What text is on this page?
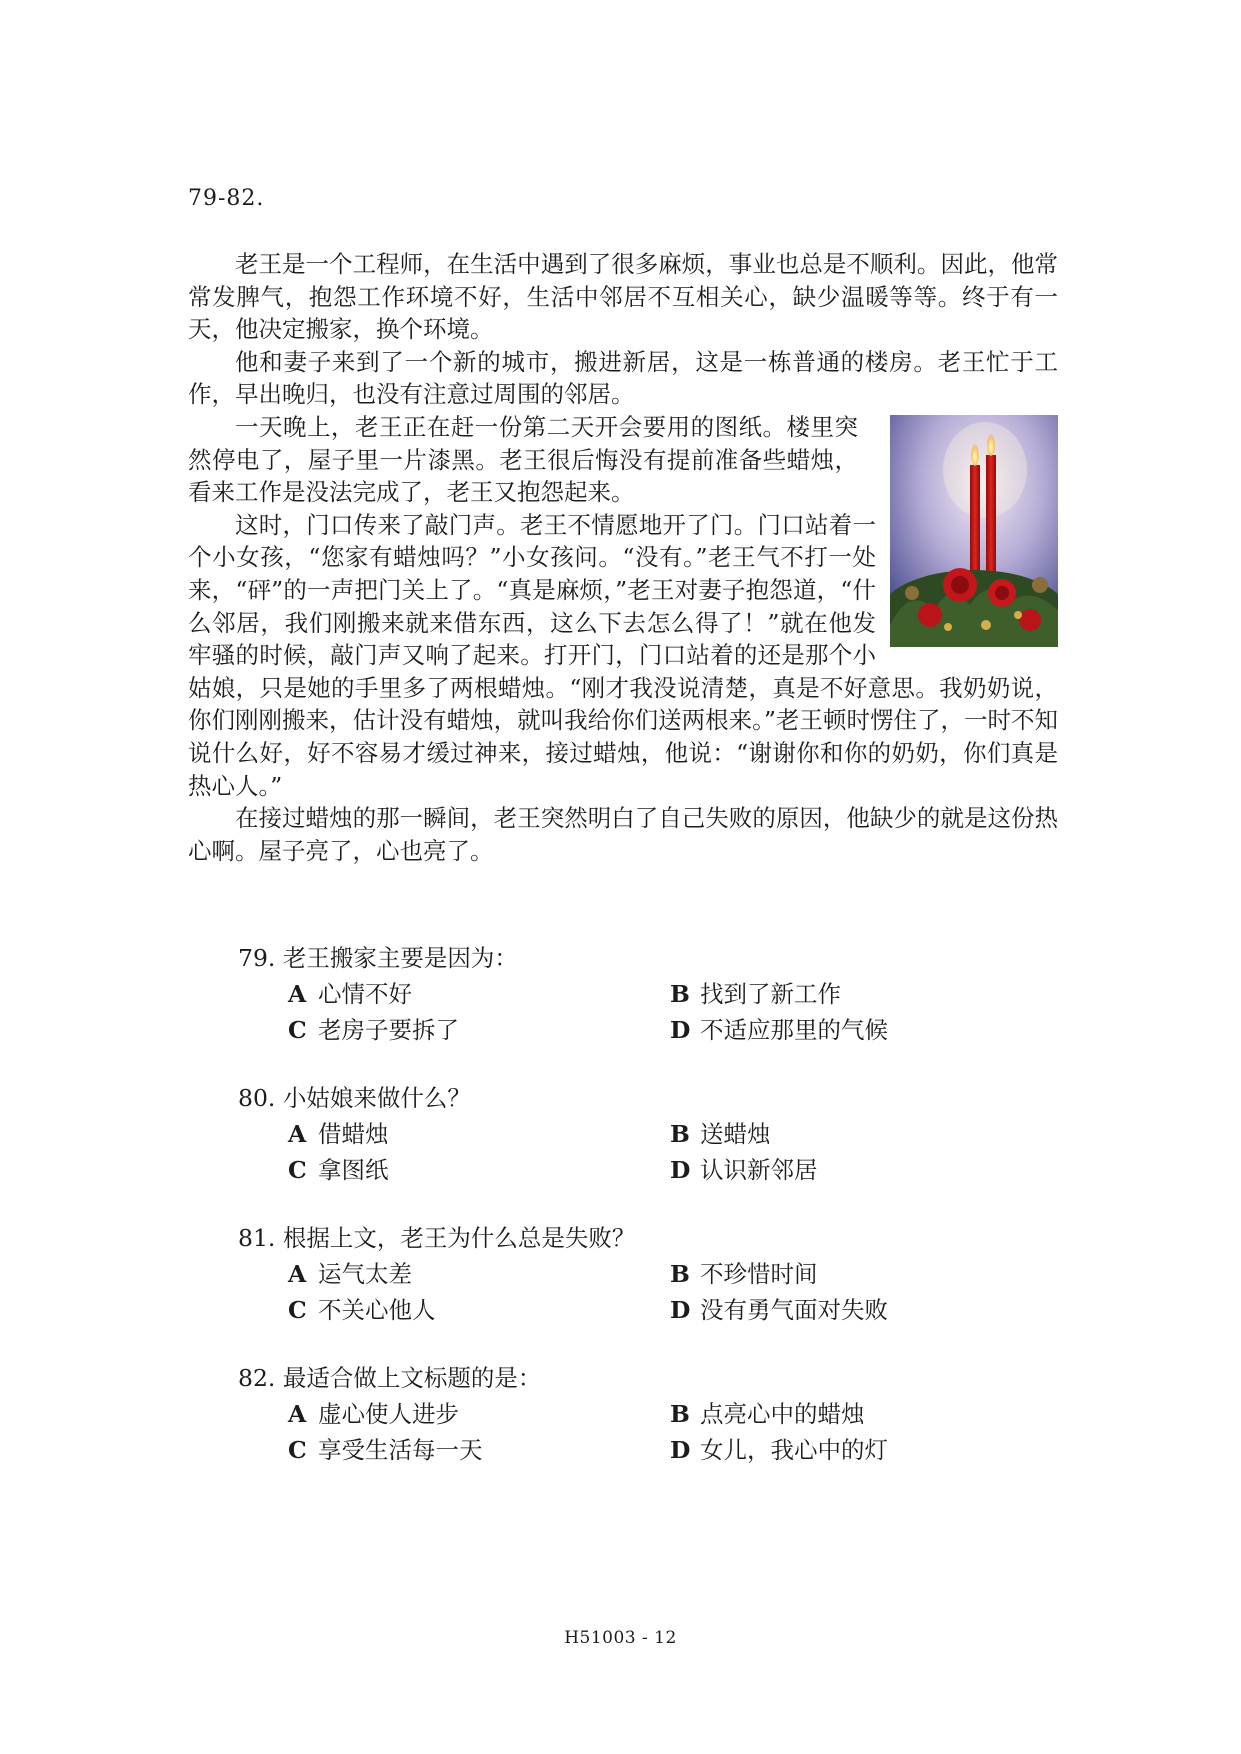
79-82.

老王是一个工程师，在生活中遇到了很多麻烦，事业也总是不顺利。因此，他常常发脾气，抱怨工作环境不好，生活中邻居不互相关心，缺少温暖等等。终于有一天，他决定搬家，换个环境。

他和妻子来到了一个新的城市，搬进新居，这是一栋普通的楼房。老王忙于工作，早出晚归，也没有注意过周围的邻居。

一天晚上，老王正在赶一份第二天开会要用的图纸。楼里突然停电了，屋子里一片漆黑。老王很后悔没有提前准备些蜡烛，看来工作是没法完成了，老王又抱怨起来。

这时，门口传来了敲门声。老王不情愿地开了门。门口站着一个小女孩，“您家有蜡烛吗？”小女孩问。“没有。”老王气不打一处来，“砰”的一声把门关上了。“真是麻烦，”老王对妻子抱怨道，“什么邻居，我们刚搬来就来借东西，这么下去怎么得了！”就在他发牢骚的时候，敲门声又响了起来。打开门，门口站着的还是那个小姑娘，只是她的手里多了两根蜡烛。“刚才我没说清楚，真是不好意思。我奶奶说，你们刚刚搬来，估计没有蜡烛，就叫我给你们送两根来。”老王顿时愣住了，一时不知说什么好，好不容易才缓过神来，接过蜡烛，他说：“谢谢你和你的奶奶，你们真是热心人。”

在接过蜡烛的那一瞬间，老王突然明白了自己失败的原因，他缺少的就是这份热心啊。屋子亮了，心也亮了。

79. 老王搬家主要是因为：
A 心情不好	B 找到了新工作
C 老房子要拆了	D 不适应那里的气候
80. 小姑娘来做什么？
A 借蜡烛	B 送蜡烛
C 拿图纸	D 认识新邻居
81. 根据上文，老王为什么总是失败？
A 运气太差	B 不珍惜时间
C 不关心他人	D 没有勇气面对失败
82. 最适合做上文标题的是：
A 虚心使人进步	B 点亮心中的蜡烛
C 享受生活每一天	D 女儿，我心中的灯
H51003 - 12
